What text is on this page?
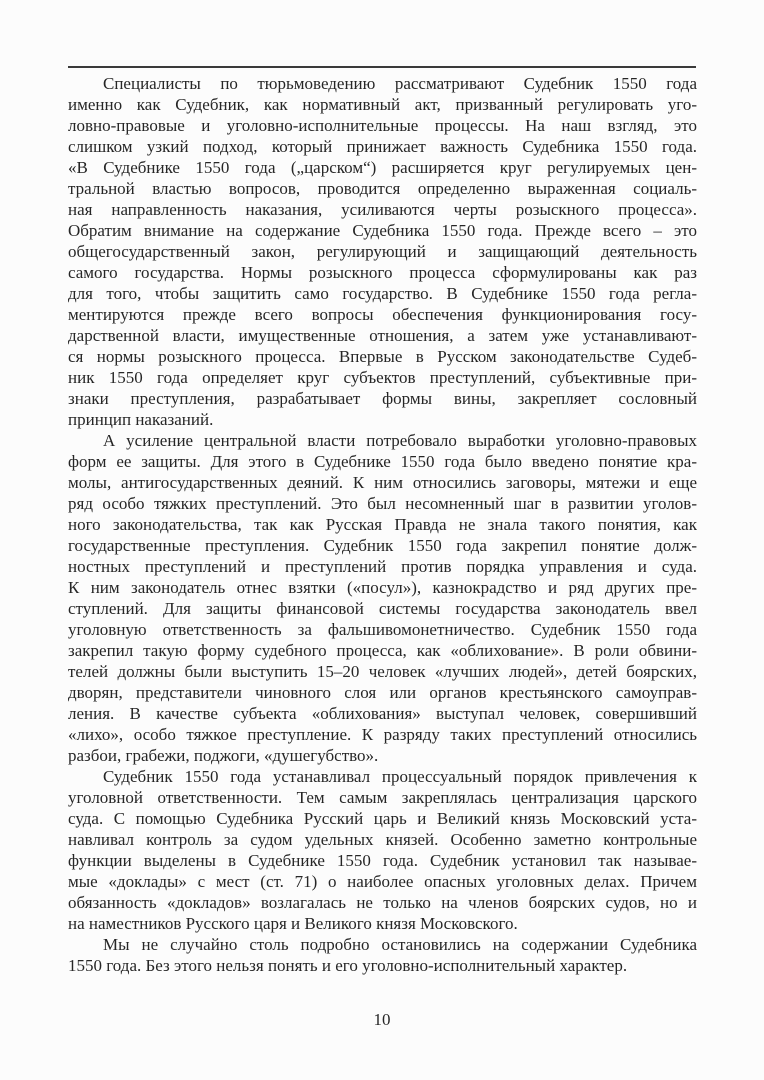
Специалисты по тюрьмоведению рассматривают Судебник 1550 года
именно как Судебник, как нормативный акт, призванный регулировать уго-
ловно-правовые и уголовно-исполнительные процессы. На наш взгляд, это
слишком узкий подход, который принижает важность Судебника 1550 года.
«В Судебнике 1550 года („царском“) расширяется круг регулируемых цен-
тральной властью вопросов, проводится определенно выраженная социаль-
ная направленность наказания, усиливаются черты розыскного процесса».
Обратим внимание на содержание Судебника 1550 года. Прежде всего – это
общегосударственный закон, регулирующий и защищающий деятельность
самого государства. Нормы розыскного процесса сформулированы как раз
для того, чтобы защитить само государство. В Судебнике 1550 года регла-
ментируются прежде всего вопросы обеспечения функционирования госу-
дарственной власти, имущественные отношения, а затем уже устанавливают-
ся нормы розыскного процесса. Впервые в Русском законодательстве Судеб-
ник 1550 года определяет круг субъектов преступлений, субъективные при-
знаки преступления, разрабатывает формы вины, закрепляет сословный
принцип наказаний.
А усиление центральной власти потребовало выработки уголовно-правовых
форм ее защиты. Для этого в Судебнике 1550 года было введено понятие кра-
молы, антигосударственных деяний. К ним относились заговоры, мятежи и еще
ряд особо тяжких преступлений. Это был несомненный шаг в развитии уголов-
ного законодательства, так как Русская Правда не знала такого понятия, как
государственные преступления. Судебник 1550 года закрепил понятие долж-
ностных преступлений и преступлений против порядка управления и суда.
К ним законодатель отнес взятки («посул»), казнокрадство и ряд других пре-
ступлений. Для защиты финансовой системы государства законодатель ввел
уголовную ответственность за фальшивомонетничество. Судебник 1550 года
закрепил такую форму судебного процесса, как «облихование». В роли обвини-
телей должны были выступить 15–20 человек «лучших людей», детей боярских,
дворян, представители чиновного слоя или органов крестьянского самоуправ-
ления. В качестве субъекта «облихования» выступал человек, совершивший
«лихо», особо тяжкое преступление. К разряду таких преступлений относились
разбои, грабежи, поджоги, «душегубство».
Судебник 1550 года устанавливал процессуальный порядок привлечения к
уголовной ответственности. Тем самым закреплялась централизация царского
суда. С помощью Судебника Русский царь и Великий князь Московский уста-
навливал контроль за судом удельных князей. Особенно заметно контрольные
функции выделены в Судебнике 1550 года. Судебник установил так называе-
мые «доклады» с мест (ст. 71) о наиболее опасных уголовных делах. Причем
обязанность «докладов» возлагалась не только на членов боярских судов, но и
на наместников Русского царя и Великого князя Московского.
Мы не случайно столь подробно остановились на содержании Судебника
1550 года. Без этого нельзя понять и его уголовно-исполнительный характер.
10
